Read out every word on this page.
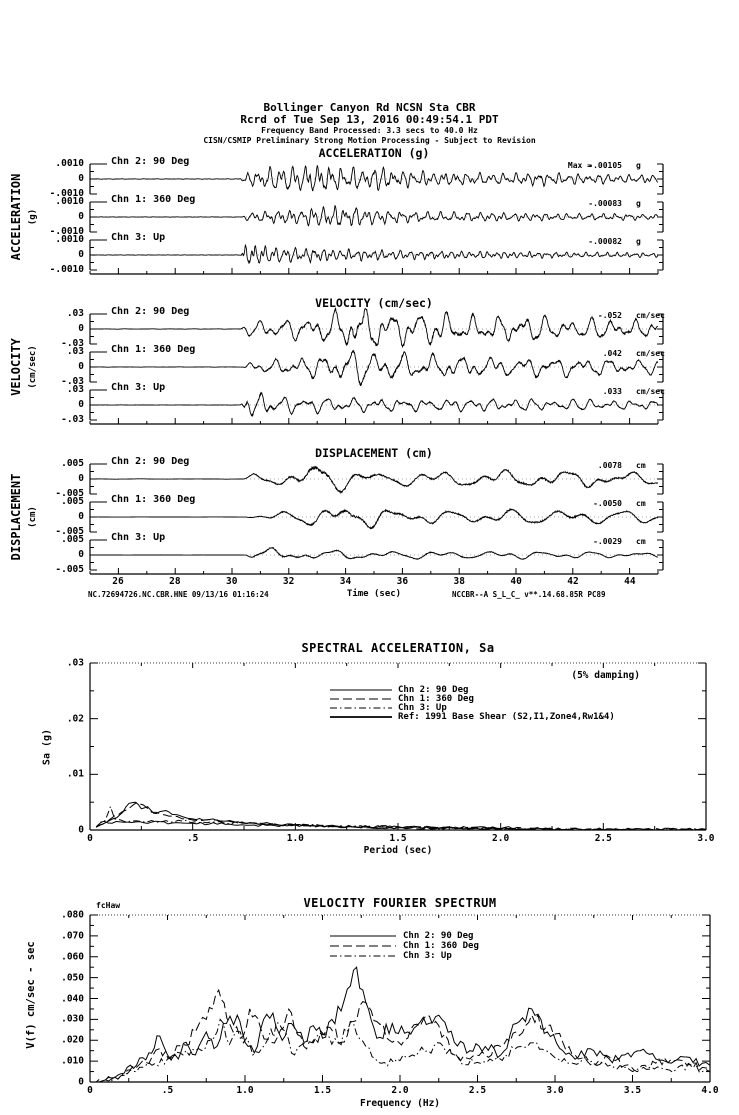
Bollinger Canyon Rd NCSN Sta CBR
Rcrd of Tue Sep 13, 2016 00:49:54.1 PDT
Frequency Band Processed: 3.3 secs to 40.0 Hz
CISN/CSMIP Preliminary Strong Motion Processing - Subject to Revision
ACCELERATION (g)
VELOCITY (cm/sec)
DISPLACEMENT (cm)
ACCELERATION (g)
VELOCITY (cm/sec)
DISPLACEMENT (cm)
.0010
0
-.0010
Chn 2: 90 Deg	Max =
-.00105 g
.0010
0
-.0010
Chn 1: 360 Deg	-.00083 g
.0010
0
-.0010
Chn 3: Up	-.00082 g
.03
0
-.03
Chn 2: 90 Deg	-.052 cm/sec
.03
0
-.03
Chn 1: 360 Deg	.042 cm/sec
.03
0
-.03
Chn 3: Up	.033 cm/sec
.005
0
-.005
Chn 2: 90 Deg	.0078 cm
.005
0
-.005
Chn 1: 360 Deg	-.0050 cm
.005
0
-.005
Chn 3: Up	-.0029 cm
26	28	30	32	34	36	38	40	42	44
Time (sec)
NC.72694726.NC.CBR.HNE 09/13/16 01:16:24	NCCBR--A S_L_C_ v**.14.68.85R PC89
SPECTRAL ACCELERATION, Sa
(5% damping)
Chn 2: 90 Deg
Chn 1: 360 Deg
Chn 3: Up
Ref: 1991 Base Shear (S2,I1,Zone4,Rw1&4)
.03
.02
.01
0
0	.5	1.0	1.5	2.0	2.5	3.0
Period (sec)
Sa (g)
VELOCITY FOURIER SPECTRUM
fcHaw
Chn 2: 90 Deg
Chn 1: 360 Deg
Chn 3: Up
.080
.070
.060
.050
.040
.030
.020
.010
0
0	.5	1.0	1.5	2.0	2.5	3.0	3.5	4.0
Frequency (Hz)
V(f) cm/sec - sec
